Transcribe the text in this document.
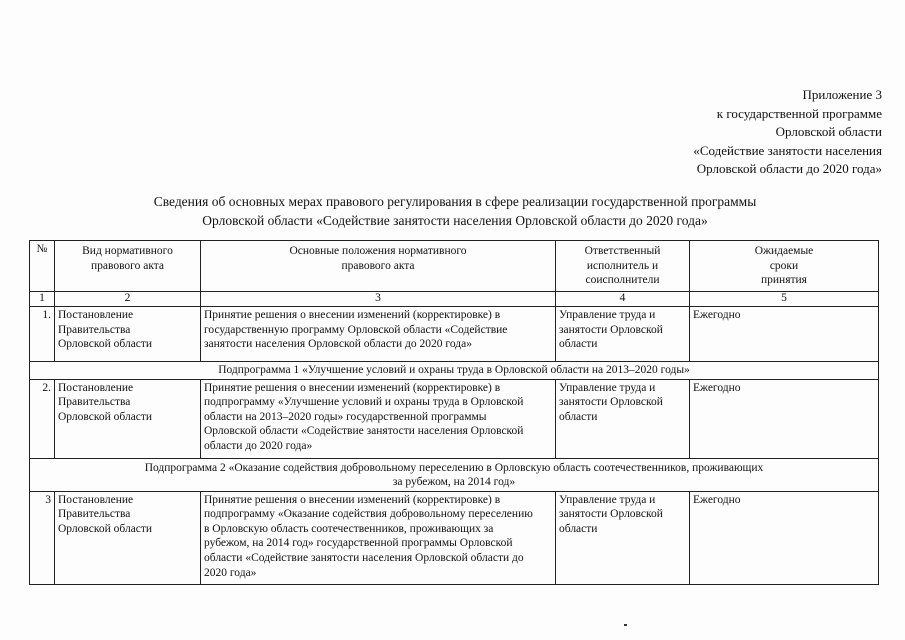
Приложение 3
к государственной программе
Орловской области
«Содействие занятости населения
Орловской области до 2020 года»
Сведения об основных мерах правового регулирования в сфере реализации государственной программы
Орловской области «Содействие занятости населения Орловской области до 2020 года»
№	Вид нормативного правового акта	Основные положения нормативного правового акта	Ответственный исполнитель и соисполнители	Ожидаемые сроки принятия
1	2	3	4	5
1.	Постановление Правительства Орловской области	Принятие решения о внесении изменений (корректировке) в государственную программу Орловской области «Содействие занятости населения Орловской области до 2020 года»	Управление труда и занятости Орловской области	Ежегодно
Подпрограмма 1 «Улучшение условий и охраны труда в Орловской области на 2013–2020 годы»				
2.	Постановление Правительства Орловской области	Принятие решения о внесении изменений (корректировке) в подпрограмму «Улучшение условий и охраны труда в Орловской области на 2013–2020 годы» государственной программы Орловской области «Содействие занятости населения Орловской области до 2020 года»	Управление труда и занятости Орловской области	Ежегодно
Подпрограмма 2 «Оказание содействия добровольному переселению в Орловскую область соотечественников, проживающих за рубежом, на 2014 год»				
3	Постановление Правительства Орловской области	Принятие решения о внесении изменений (корректировке) в подпрограмму «Оказание содействия добровольному переселению в Орловскую область соотечественников, проживающих за рубежом, на 2014 год» государственной программы Орловской области «Содействие занятости населения Орловской области до 2020 года»	Управление труда и занятости Орловской области	Ежегодно
